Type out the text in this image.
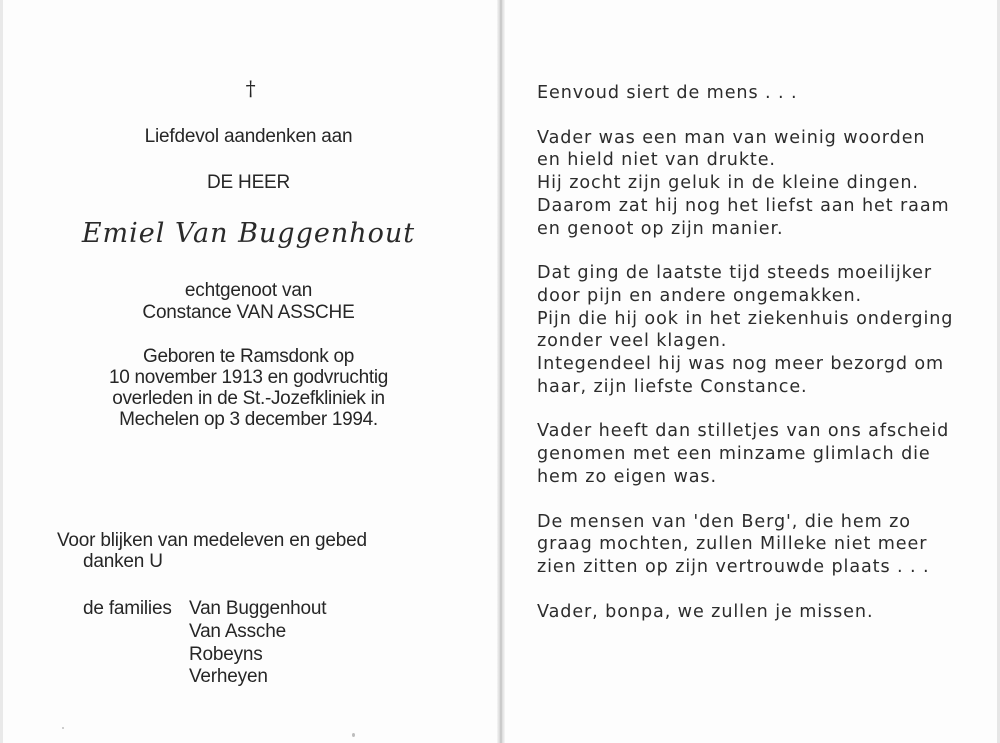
†
Liefdevol aandenken aan
DE HEER
Emiel Van Buggenhout
echtgenoot van
Constance VAN ASSCHE
Geboren te Ramsdonk op
10 november 1913 en godvruchtig
overleden in de St.-Jozefkliniek in
Mechelen op 3 december 1994.
Voor blijken van medeleven en gebed
danken U
de families Van Buggenhout
Van Assche
Robeyns
Verheyen
Eenvoud siert de mens . . .
Vader was een man van weinig woorden
en hield niet van drukte.
Hij zocht zijn geluk in de kleine dingen.
Daarom zat hij nog het liefst aan het raam
en genoot op zijn manier.
Dat ging de laatste tijd steeds moeilijker
door pijn en andere ongemakken.
Pijn die hij ook in het ziekenhuis onderging
zonder veel klagen.
Integendeel hij was nog meer bezorgd om
haar, zijn liefste Constance.
Vader heeft dan stilletjes van ons afscheid
genomen met een minzame glimlach die
hem zo eigen was.
De mensen van 'den Berg', die hem zo
graag mochten, zullen Milleke niet meer
zien zitten op zijn vertrouwde plaats . . .
Vader, bonpa, we zullen je missen.
